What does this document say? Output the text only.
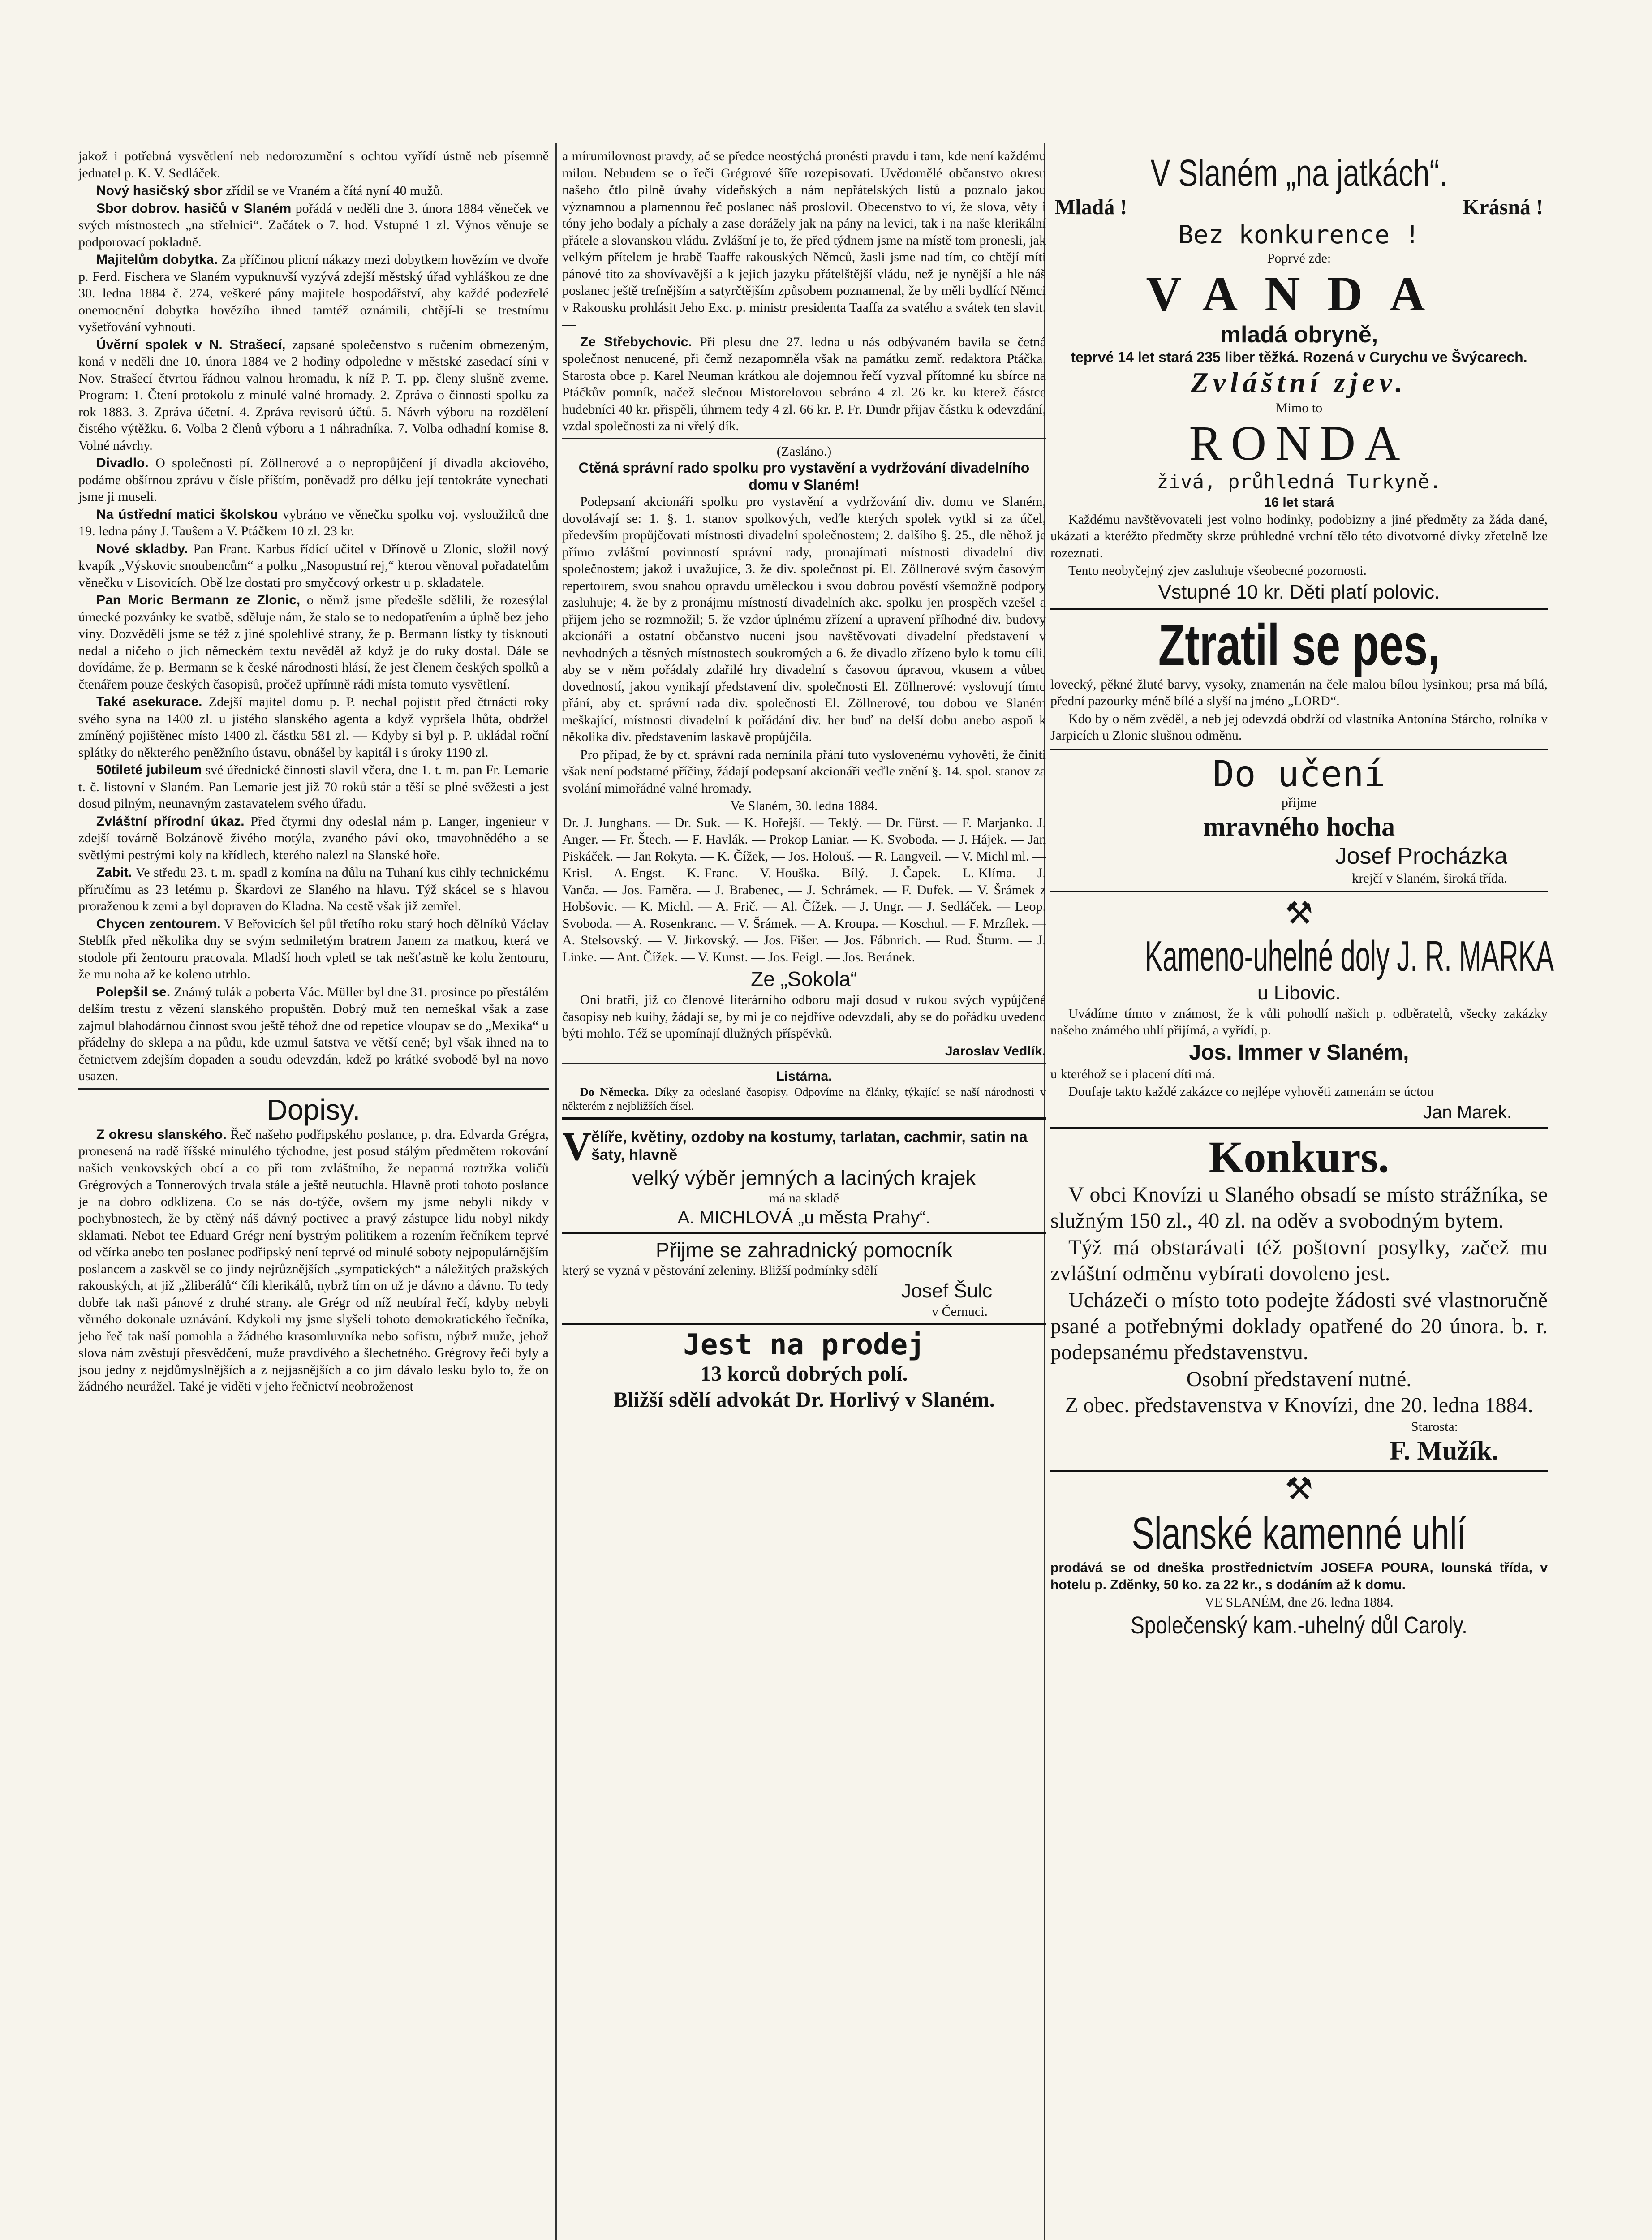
jakož i potřebná vysvětlení neb nedorozumění s ochtou vyřídí ústně neb písemně jednatel p. K. V. Sedláček.

Nový hasičský sbor zřídil se ve Vraném a čítá nyní 40 mužů.

Sbor dobrov. hasičů v Slaném pořádá v neděli dne 3. února 1884 věneček ve svých místnostech „na střelnici“. Začátek o 7. hod. Vstupné 1 zl. Výnos věnuje se podporovací pokladně.

Majitelům dobytka. Za příčinou plicní nákazy mezi dobytkem hovězím ve dvoře p. Ferd. Fischera ve Slaném vypuknuvší vyzývá zdejší městský úřad vyhláškou ze dne 30. ledna 1884 č. 274, veškeré pány majitele hospodářství, aby každé podezřelé onemocnění dobytka hovězího ihned tamtéž oznámili, chtějí-li se trestnímu vyšetřování vyhnouti.

Úvěrní spolek v N. Strašecí, zapsané společenstvo s ručením obmezeným, koná v neděli dne 10. února 1884 ve 2 hodiny odpoledne v městské zasedací síni v Nov. Strašecí čtvrtou řádnou valnou hromadu, k níž P. T. pp. členy slušně zveme. Program: 1. Čtení protokolu z minulé valné hromady. 2. Zpráva o činnosti spolku za rok 1883. 3. Zpráva účetní. 4. Zpráva revisorů účtů. 5. Návrh výboru na rozdělení čistého výtěžku. 6. Volba 2 členů výboru a 1 náhradníka. 7. Volba odhadní komise 8. Volné návrhy.

Divadlo. O společnosti pí. Zöllnerové a o nepropůjčení jí divadla akciového, podáme obšírnou zprávu v čísle příštím, poněvadž pro délku její tentokráte vynechati jsme ji museli.

Na ústřední matici školskou vybráno ve věnečku spolku voj. vysloužilců dne 19. ledna pány J. Tauŝem a V. Ptáčkem 10 zl. 23 kr.

Nové skladby. Pan Frant. Karbus řídící učitel v Dřínově u Zlonic, složil nový kvapík „Výskovic snoubencům“ a polku „Nasopustní rej,“ kterou věnoval pořadatelům věnečku v Lisovicích. Obě lze dostati pro smyčcový orkestr u p. skladatele.

Pan Moric Bermann ze Zlonic, o němž jsme předešle sdělili, že rozesýlal úmecké pozvánky ke svatbě, sděluje nám, že stalo se to nedopatřením a úplně bez jeho viny. Dozvěděli jsme se též z jiné spolehlivé strany, že p. Bermann lístky ty tisknouti nedal a ničeho o jich německém textu nevěděl až když je do ruky dostal. Dále se dovídáme, že p. Bermann se k české národnosti hlásí, že jest členem českých spolků a čtenářem pouze českých časopisů, pročež upřímně rádi místa tomuto vysvětlení.

Také asekurace. Zdejší majitel domu p. P. nechal pojistit před čtrnácti roky svého syna na 1400 zl. u jistého slanského agenta a když vypršela lhůta, obdržel zmíněný pojištěnec místo 1400 zl. částku 581 zl. — Kdyby si byl p. P. ukládal roční splátky do některého peněžního ústavu, obnášel by kapitál i s úroky 1190 zl.

50tileté jubileum své úřednické činnosti slavil včera, dne 1. t. m. pan Fr. Lemarie t. č. listovní v Slaném. Pan Lemarie jest již 70 roků stár a těší se plné svěžesti a jest dosud pilným, neunavným zastavatelem svého úřadu.

Zvláštní přírodní úkaz. Před čtyrmi dny odeslal nám p. Langer, ingenieur v zdejší továrně Bolzánově živého motýla, zvaného páví oko, tmavohnědého a se světlými pestrými koly na křídlech, kterého nalezl na Slanské hoře.

Zabit. Ve středu 23. t. m. spadl z komína na důlu na Tuhaní kus cihly technickému příručímu as 23 letému p. Škardovi ze Slaného na hlavu. Týž skácel se s hlavou proraženou k zemi a byl dopraven do Kladna. Na cestě však již zemřel.

Chycen zentourem. V Beřovicích šel půl třetího roku starý hoch dělníků Václav Steblík před několika dny se svým sedmiletým bratrem Janem za matkou, která ve stodole při žentouru pracovala. Mladší hoch vpletl se tak nešťastně ke kolu žentouru, že mu noha až ke koleno utrhlo.

Polepšil se. Známý tulák a poberta Vác. Müller byl dne 31. prosince po přestálém delším trestu z vězení slanského propuštěn. Dobrý muž ten nemeškal však a zase zajmul blahodárnou činnost svou ještě téhož dne od repetice vloupav se do „Mexika“ u přádelny do sklepa a na půdu, kde uzmul šatstva ve větší ceně; byl však ihned na to četnictvem zdejším dopaden a soudu odevzdán, kdež po krátké svobodě byl na novo usazen.

Dopisy.

Z okresu slanského. Řeč našeho podřipského poslance, p. dra. Edvarda Grégra, pronesená na radě říšské minulého týchodne, jest posud stálým předmětem rokování našich venkovských obcí a co při tom zvláštního, že nepatrná roztržka voličů Grégrových a Tonnerových trvala stále a ještě neutuchla. Hlavně proti tohoto poslance je na dobro odklizena. Co se nás do-týče, ovšem my jsme nebyli nikdy v pochybnostech, že by ctěný náš dávný poctivec a pravý zástupce lidu nobyl nikdy sklamati. Nebot tee Eduard Grégr není bystrým politikem a rozením řečníkem teprvé od včírka anebo ten poslanec podřipský není teprvé od minulé soboty nejpopulárnějším poslancem a zaskvěl se co jindy nejrůznějších „sympatických“ a náležitých pražských rakouských, at již „žliberálů“ číli klerikálů, nybrž tím on už je dávno a dávno. To tedy dobře tak naši pánové z druhé strany. ale Grégr od níž neubíral řečí, kdyby nebyli věrného dokonale uznávání. Kdykoli my jsme slyšeli tohoto demokratického řečníka, jeho řeč tak naší pomohla a žádného krasomluvníka nebo sofistu, nýbrž muže, jehož slova nám zvěstují přesvědčení, muže pravdivého a šlechetného. Grégrovy řeči byly a jsou jedny z nejdůmyslnějších a z nejjasnějších a co jim dávalo lesku bylo to, že on žádného neurážel. Také je viděti v jeho řečnictví neobroženost

a mírumilovnost pravdy, ač se předce neostýchá pronésti pravdu i tam, kde není každému milou. Nebudem se o řeči Grégrové šíře rozepisovati. Uvědomělé občanstvo okresu našeho čtlo pilně úvahy vídeňských a nám nepřátelských listů a poznalo jakou významnou a plamennou řeč poslanec náš proslovil. Obecenstvo to ví, že slova, věty i tóny jeho bodaly a píchaly a zase dorážely jak na pány na levici, tak i na naše klerikální přátele a slovanskou vládu. Zvláštní je to, že před týdnem jsme na místě tom pronesli, jak velkým přítelem je hrabě Taaffe rakouských Němců, žasli jsme nad tím, co chtějí míti pánové tito za shovívavější a k jejich jazyku přátelštější vládu, než je nynější a hle náš poslanec ještě trefnějším a satyrčtějším způsobem poznamenal, že by měli bydlící Němci v Rakousku prohlásit Jeho Exc. p. ministr presidenta Taaffa za svatého a svátek ten slavit. —

Ze Střebychovic. Při plesu dne 27. ledna u nás odbývaném bavila se četná společnost nenucené, při čemž nezapomněla však na památku zemř. redaktora Ptáčka. Starosta obce p. Karel Neuman krátkou ale dojemnou řečí vyzval přítomné ku sbírce na Ptáčkův pomník, načež slečnou Mistorelovou sebráno 4 zl. 26 kr. ku kterež částce hudebníci 40 kr. přispěli, úhrnem tedy 4 zl. 66 kr. P. Fr. Dundr přijav částku k odevzdání, vzdal společnosti za ni vřelý dík.

(Zasláno.)
Ctěná správní rado spolku pro vystavění a vydržování divadelního domu v Slaném!

Podepsaní akcionáři spolku pro vystavění a vydržování div. domu ve Slaném, dovolávají se: 1. §. 1. stanov spolkových, veďle kterých spolek vytkl si za účel, především propůjčovati místnosti divadelní společnostem; 2. dalšího §. 25., dle něhož je přímo zvláštní povinností správní rady, pronajímati místnosti divadelní div. společnostem; jakož i uvažujíce, 3. že div. společnost pí. El. Zöllnerové svým časovým repertoirem, svou snahou opravdu uměleckou i svou dobrou pověstí všemožně podpory zasluhuje; 4. že by z pronájmu místností divadelních akc. spolku jen prospěch vzešel a přijem jeho se rozmnožil; 5. že vzdor úplnému zřízení a upravení příhodné div. budovy akcionáři a ostatní občanstvo nuceni jsou navštěvovati divadelní představení v nevhodných a těsných místnostech soukromých a 6. že divadlo zřízeno bylo k tomu cíli, aby se v něm pořádaly zdařilé hry divadelní s časovou úpravou, vkusem a vůbec dovedností, jakou vynikají představení div. společnosti El. Zöllnerové: vyslovují tímto přání, aby ct. správní rada div. společnosti El. Zöllnerové, tou dobou ve Slaném meškající, místnosti divadelní k pořádání div. her buď na delší dobu anebo aspoň k několika div. představením laskavě propůjčila.

Pro případ, že by ct. správní rada nemínila přání tuto vyslovenému vyhověti, že činiti však není podstatné příčiny, žádají podepsaní akcionáři veďle znění §. 14. spol. stanov za svolání mimořádné valné hromady.

Ve Slaném, 30. ledna 1884.

Dr. J. Junghans. — Dr. Suk. — K. Hořejší. — Teklý. — Dr. Fürst. — F. Marjanko. J. Anger. — Fr. Štech. — F. Havlák. — Prokop Laniar. — K. Svoboda. — J. Hájek. — Jan Piskáček. — Jan Rokyta. — K. Čížek, — Jos. Holouš. — R. Langveil. — V. Michl ml. — Krisl. — A. Engst. — K. Franc. — V. Houška. — Bílý. — J. Čapek. — L. Klíma. — J. Vanča. — Jos. Faměra. — J. Brabenec, — J. Schrámek. — F. Dufek. — V. Šrámek z Hobšovic. — K. Michl. — A. Frič. — Al. Čížek. — J. Ungr. — J. Sedláček. — Leop. Svoboda. — A. Rosenkranc. — V. Šrámek. — A. Kroupa. — Koschul. — F. Mrzílek. — A. Stelsovský. — V. Jirkovský. — Jos. Fišer. — Jos. Fábnrich. — Rud. Šturm. — J. Linke. — Ant. Čížek. — V. Kunst. — Jos. Feigl. — Jos. Beránek.

Ze „Sokola“

Oni bratři, již co členové literárního odboru mají dosud v rukou svých vypůjčené časopisy neb kuihy, žádají se, by mi je co nejdříve odevzdali, aby se do pořádku uvedeno býti mohlo. Též se upomínají dlužných příspěvků.

Jaroslav Vedlík.
Listárna.

Do Německa. Díky za odeslané časopisy. Odpovíme na články, týkající se naší národnosti v některém z nejbližších čísel.

Vělíře, květiny, ozdoby na kostumy, tarlatan, cachmir, satin na šaty, hlavně
velký výběr jemných a laciných krajek
má na skladě
A. MICHLOVÁ „u města Prahy“.
Přijme se zahradnický pomocník
který se vyzná v pěstování zeleniny. Bližší podmínky sdělí
Josef Šulc
v Černuci.
Jest na prodej
13 korců dobrých polí.
Bližší sdělí advokát Dr. Horlivý v Slaném.
V Slaném „na jatkách“.
Mladá !	Krásná !
Bez konkurence !
Poprvé zde:
VANDA
mladá obryně,
teprvé 14 let stará 235 liber těžká. Rozená v Curychu ve Švýcarech.
Zvláštní zjev.
Mimo to
RONDA
živá, průhledná Turkyně.
16 let stará

Každému navštěvovateli jest volno hodinky, podobizny a jiné předměty za žáda dané, ukázati a kteréžto předměty skrze průhledné vrchní tělo této divotvorné dívky zřetelně lze rozeznati.

Tento neobyčejný zjev zasluhuje všeobecné pozornosti.

Vstupné 10 kr. Děti platí polovic.
Ztratil se pes,

lovecký, pěkné žluté barvy, vysoky, znamenán na čele malou bílou lysinkou; prsa má bílá, přední pazourky méně bílé a slyší na jméno „LORD“.

Kdo by o něm zvěděl, a neb jej odevzdá obdrží od vlastníka Antonína Stárcho, rolníka v Jarpicích u Zlonic slušnou odměnu.

Do učení
přijme
mravného hocha
Josef Procházka
krejčí v Slaném, široká třída.
⚒
Kameno-uhelné doly J. R. MARKA
u Libovic.

Uvádíme tímto v známost, že k vůli pohodlí našich p. odběratelů, všecky zakázky našeho známého uhlí přijímá, a vyřídí, p.

Jos. Immer v Slaném,

u kteréhož se i placení díti má.

Doufaje takto každé zakázce co nejlépe vyhověti zamenám se úctou

Jan Marek.
Konkurs.

V obci Knovízi u Slaného obsadí se místo strážníka, se služným 150 zl., 40 zl. na oděv a svobodným bytem.

Týž má obstarávati též poštovní posylky, začež mu zvláštní odměnu vybírati dovoleno jest.

Ucházeči o místo toto podejte žádosti své vlastnoručně psané a potřebnými doklady opatřené do 20 února. b. r. podepsanému představenstvu.

Osobní představení nutné.
Z obec. představenstva v Knovízi, dne 20. ledna 1884.
Starosta:
F. Mužík.
⚒
Slanské kamenné uhlí

prodává se od dneška prostřednictvím JOSEFA POURA, lounská třída, v hotelu p. Zděnky, 50 ko. za 22 kr., s dodáním až k domu.

VE SLANÉM, dne 26. ledna 1884.
Společenský kam.-uhelný důl Caroly.
